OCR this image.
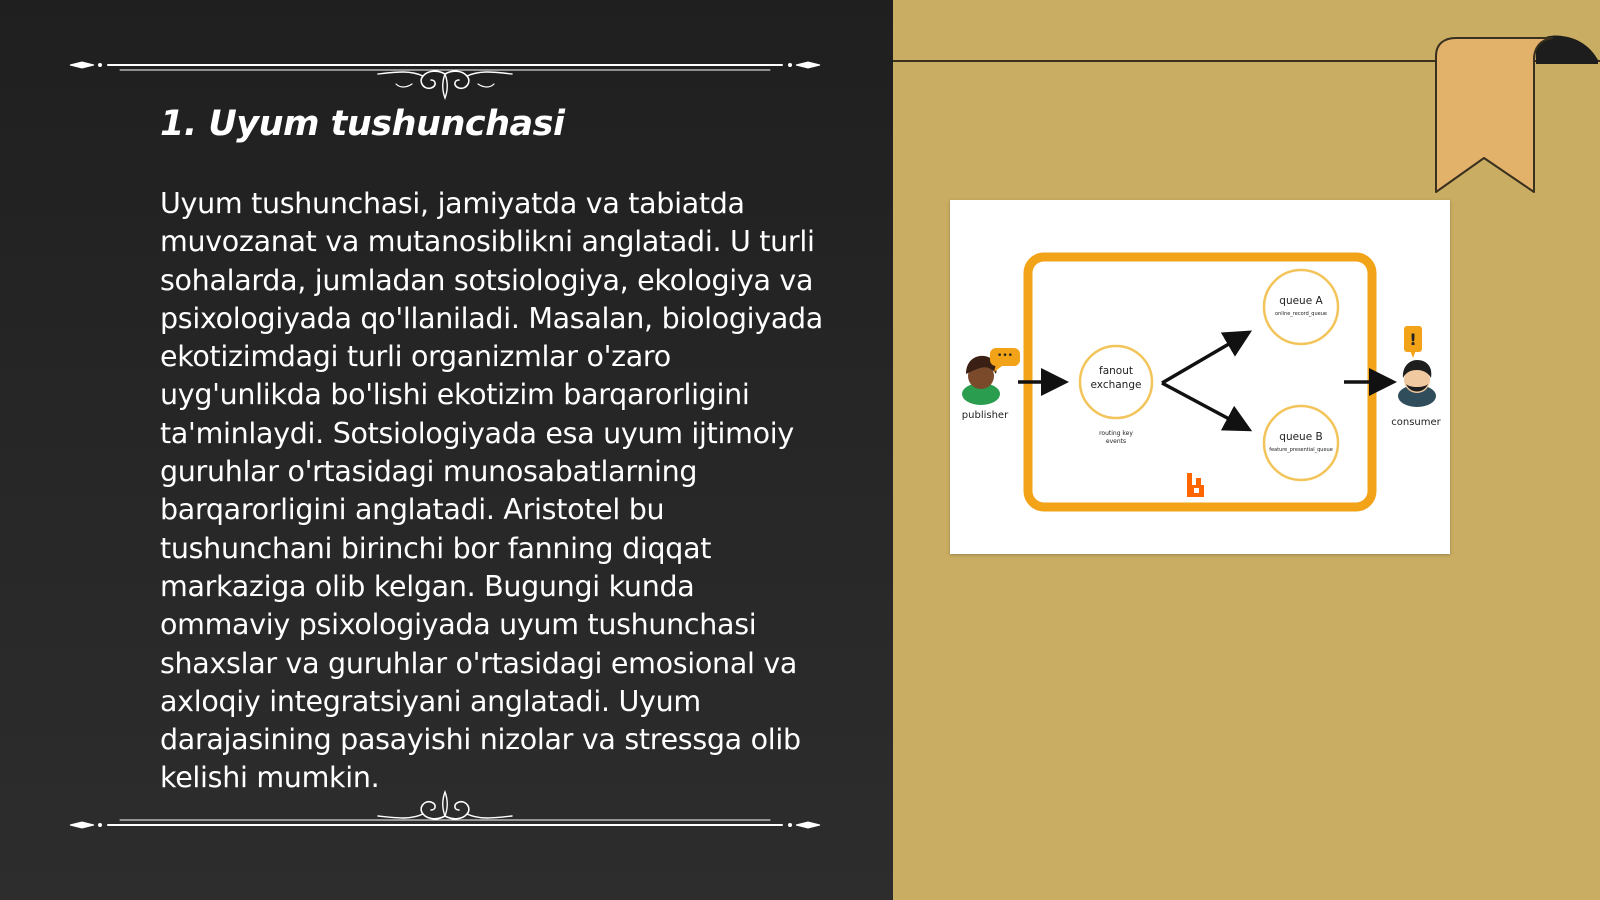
1. Uyum tushunchasi

Uyum tushunchasi, jamiyatda va tabiatda muvozanat va mutanosiblikni anglatadi. U turli sohalarda, jumladan sotsiologiya, ekologiya va psixologiyada qo'llaniladi. Masalan, biologiyada ekotizimdagi turli organizmlar o'zaro uyg'unlikda bo'lishi ekotizim barqarorligini ta'minlaydi. Sotsiologiyada esa uyum ijtimoiy guruhlar o'rtasidagi munosabatlarning barqarorligini anglatadi. Aristotel bu tushunchani birinchi bor fanning diqqat markaziga olib kelgan. Bugungi kunda ommaviy psixologiyada uyum tushunchasi shaxslar va guruhlar o'rtasidagi emosional va axloqiy integratsiyani anglatadi. Uyum darajasining pasayishi nizolar va stressga olib kelishi mumkin.

•••
publisher
fanout
exchange
routing key
events
queue A
online_record_queue
queue B
feature_presential_queue
!
consumer
